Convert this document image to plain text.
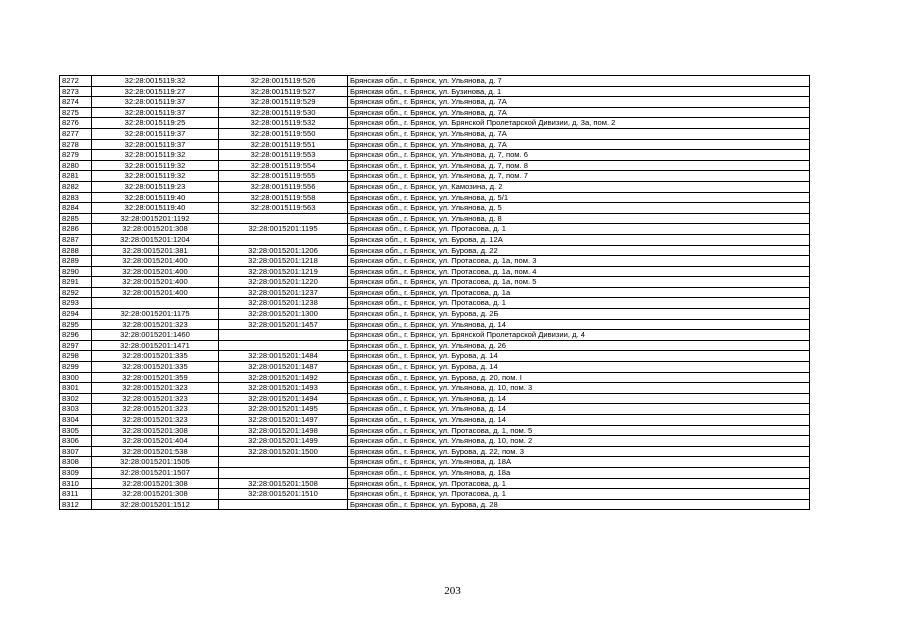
8272	32:28:0015119:32	32:28:0015119:526	Брянская обл., г. Брянск, ул. Ульянова, д. 7
8273	32:28:0015119:27	32:28:0015119:527	Брянская обл., г. Брянск, ул. Бузинова, д. 1
8274	32:28:0015119:37	32:28:0015119:529	Брянская обл., г. Брянск, ул. Ульянова, д. 7А
8275	32:28:0015119:37	32:28:0015119:530	Брянская обл., г. Брянск, ул. Ульянова, д. 7А
8276	32:28:0015119:25	32:28:0015119:532	Брянская обл., г. Брянск, ул. Брянской Пролетарской Дивизии, д. 3а, пом. 2
8277	32:28:0015119:37	32:28:0015119:550	Брянская обл., г. Брянск, ул. Ульянова, д. 7А
8278	32:28:0015119:37	32:28:0015119:551	Брянская обл., г. Брянск, ул. Ульянова, д. 7А
8279	32:28:0015119:32	32:28:0015119:553	Брянская обл., г. Брянск, ул. Ульянова, д. 7, пом. 6
8280	32:28:0015119:32	32:28:0015119:554	Брянская обл., г. Брянск, ул. Ульянова, д. 7, пом. 8
8281	32:28:0015119:32	32:28:0015119:555	Брянская обл., г. Брянск, ул. Ульянова, д. 7, пом. 7
8282	32:28:0015119:23	32:28:0015119:556	Брянская обл., г. Брянск, ул. Камозина, д. 2
8283	32:28:0015119:40	32:28:0015119:558	Брянская обл., г. Брянск, ул. Ульянова, д. 5/1
8284	32:28:0015119:40	32:28:0015119:563	Брянская обл., г. Брянск, ул. Ульянова, д. 5
8285	32:28:0015201:1192		Брянская обл., г. Брянск, ул. Ульянова, д. 8
8286	32:28:0015201:308	32:28:0015201:1195	Брянская обл., г. Брянск, ул. Протасова, д. 1
8287	32:28:0015201:1204		Брянская обл., г. Брянск, ул. Бурова, д. 12А
8288	32:28:0015201:381	32:28:0015201:1206	Брянская обл., г. Брянск, ул. Бурова, д. 22
8289	32:28:0015201:400	32:28:0015201:1218	Брянская обл., г. Брянск, ул. Протасова, д. 1а, пом. 3
8290	32:28:0015201:400	32:28:0015201:1219	Брянская обл., г. Брянск, ул. Протасова, д. 1а, пом. 4
8291	32:28:0015201:400	32:28:0015201:1220	Брянская обл., г. Брянск, ул. Протасова, д. 1а, пом. 5
8292	32:28:0015201:400	32:28:0015201:1237	Брянская обл., г. Брянск, ул. Протасова, д. 1а
8293		32:28:0015201:1238	Брянская обл., г. Брянск, ул. Протасова, д. 1
8294	32:28:0015201:1175	32:28:0015201:1300	Брянская обл., г. Брянск, ул. Бурова, д. 2Б
8295	32:28:0015201:323	32:28:0015201:1457	Брянская обл., г. Брянск, ул. Ульянова, д. 14
8296	32:28:0015201:1460		Брянская обл., г. Брянск, ул. Брянской Пролетарской Дивизии, д. 4
8297	32:28:0015201:1471		Брянская обл., г. Брянск, ул. Ульянова, д. 26
8298	32:28:0015201:335	32:28:0015201:1484	Брянская обл., г. Брянск, ул. Бурова, д. 14
8299	32:28:0015201:335	32:28:0015201:1487	Брянская обл., г. Брянск, ул. Бурова, д. 14
8300	32:28:0015201:359	32:28:0015201:1492	Брянская обл., г. Брянск, ул. Бурова, д. 20, пом. I
8301	32:28:0015201:323	32:28:0015201:1493	Брянская обл., г. Брянск, ул. Ульянова, д. 10, пом. 3
8302	32:28:0015201:323	32:28:0015201:1494	Брянская обл., г. Брянск, ул. Ульянова, д. 14
8303	32:28:0015201:323	32:28:0015201:1495	Брянская обл., г. Брянск, ул. Ульянова, д. 14
8304	32:28:0015201:323	32:28:0015201:1497	Брянская обл., г. Брянск, ул. Ульянова, д. 14
8305	32:28:0015201:308	32:28:0015201:1498	Брянская обл., г. Брянск, ул. Протасова, д. 1, пом. 5
8306	32:28:0015201:404	32:28:0015201:1499	Брянская обл., г. Брянск, ул. Ульянова, д. 10, пом. 2
8307	32:28:0015201:538	32:28:0015201:1500	Брянская обл., г. Брянск, ул. Бурова, д. 22, пом. 3
8308	32:28:0015201:1505		Брянская обл., г. Брянск, ул. Ульянова, д. 18А
8309	32:28:0015201:1507		Брянская обл., г. Брянск, ул. Ульянова, д. 18а
8310	32:28:0015201:308	32:28:0015201:1508	Брянская обл., г. Брянск, ул. Протасова, д. 1
8311	32:28:0015201:308	32:28:0015201:1510	Брянская обл., г. Брянск, ул. Протасова, д. 1
8312	32:28:0015201:1512		Брянская обл., г. Брянск, ул. Бурова, д. 28
203
